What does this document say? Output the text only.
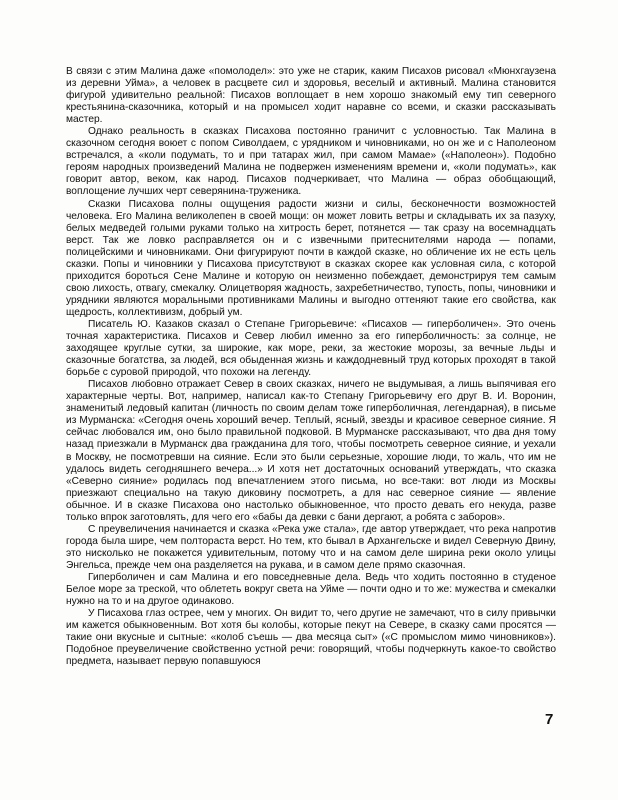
В связи с этим Малина даже «помолодел»: это уже не старик, каким Писахов рисовал «Мюнхгаузена из деревни Уйма», а человек в расцвете сил и здоровья, веселый и активный. Малина становится фигурой удивительно реальной: Писахов воплощает в нем хорошо знакомый ему тип северного крестьянина-сказочника, который и на промысел ходит наравне со всеми, и сказки рассказывать мастер.

Однако реальность в сказках Писахова постоянно граничит с условностью. Так Малина в сказочном сегодня воюет с попом Сиволдаем, с урядником и чиновниками, но он же и с Наполеоном встречался, а «коли подумать, то и при татарах жил, при самом Мамае» («Наполеон»). Подобно героям народных произведений Малина не подвержен изменениям времени и, «коли подумать», как говорит автор, веком, как народ. Писахов подчеркивает, что Малина — образ обобщающий, воплощение лучших черт северянина-труженика.

Сказки Писахова полны ощущения радости жизни и силы, бесконечности возможностей человека. Его Малина великолепен в своей мощи: он может ловить ветры и складывать их за пазуху, белых медведей голыми руками только на хитрость берет, потянется — так сразу на восемнадцать верст. Так же ловко расправляется он и с извечными притеснителями народа — попами, полицейскими и чиновниками. Они фигурируют почти в каждой сказке, но обличение их не есть цель сказки. Попы и чиновники у Писахова присутствуют в сказках скорее как условная сила, с которой приходится бороться Сене Малине и которую он неизменно побеждает, демонстрируя тем самым свою лихость, отвагу, смекалку. Олицетворяя жадность, захребетничество, тупость, попы, чиновники и урядники являются моральными противниками Малины и выгодно оттеняют такие его свойства, как щедрость, коллективизм, добрый ум.

Писатель Ю. Казаков сказал о Степане Григорьевиче: «Писахов — гиперболичен». Это очень точная характеристика. Писахов и Север любил именно за его гиперболичность: за солнце, не заходящее круглые сутки, за широкие, как море, реки, за жестокие морозы, за вечные льды и сказочные богатства, за людей, вся обыденная жизнь и каждодневный труд которых проходят в такой борьбе с суровой природой, что похожи на легенду.

Писахов любовно отражает Север в своих сказках, ничего не выдумывая, а лишь выпячивая его характерные черты. Вот, например, написал как-то Степану Григорьевичу его друг В. И. Воронин, знаменитый ледовый капитан (личность по своим делам тоже гиперболичная, легендарная), в письме из Мурманска: «Сегодня очень хороший вечер. Теплый, ясный, звезды и красивое северное сияние. Я сейчас любовался им, оно было правильной подковой. В Мурманске рассказывают, что два дня тому назад приезжали в Мурманск два гражданина для того, чтобы посмотреть северное сияние, и уехали в Москву, не посмотревши на сияние. Если это были серьезные, хорошие люди, то жаль, что им не удалось видеть сегодняшнего вечера...» И хотя нет достаточных оснований утверждать, что сказка «Северно сияние» родилась под впечатлением этого письма, но все-таки: вот люди из Москвы приезжают специально на такую диковину посмотреть, а для нас северное сияние — явление обычное. И в сказке Писахова оно настолько обыкновенное, что просто девать его некуда, разве только впрок заготовлять, для чего его «бабы да девки с бани дергают, а робята с заборов».

С преувеличения начинается и сказка «Река уже стала», где автор утверждает, что река напротив города была шире, чем полтораста верст. Но тем, кто бывал в Архангельске и видел Северную Двину, это нисколько не покажется удивительным, потому что и на самом деле ширина реки около улицы Энгельса, прежде чем она разделяется на рукава, и в самом деле прямо сказочная.

Гиперболичен и сам Малина и его повседневные дела. Ведь что ходить постоянно в студеное Белое море за треской, что облететь вокруг света на Уйме — почти одно и то же: мужества и смекалки нужно на то и на другое одинаково.

У Писахова глаз острее, чем у многих. Он видит то, чего другие не замечают, что в силу привычки им кажется обыкновенным. Вот хотя бы колобы, которые пекут на Севере, в сказку сами просятся — такие они вкусные и сытные: «колоб съешь — два месяца сыт» («С промыслом мимо чиновников»). Подобное преувеличение свойственно устной речи: говорящий, чтобы подчеркнуть какое-то свойство предмета, называет первую попавшуюся

7
